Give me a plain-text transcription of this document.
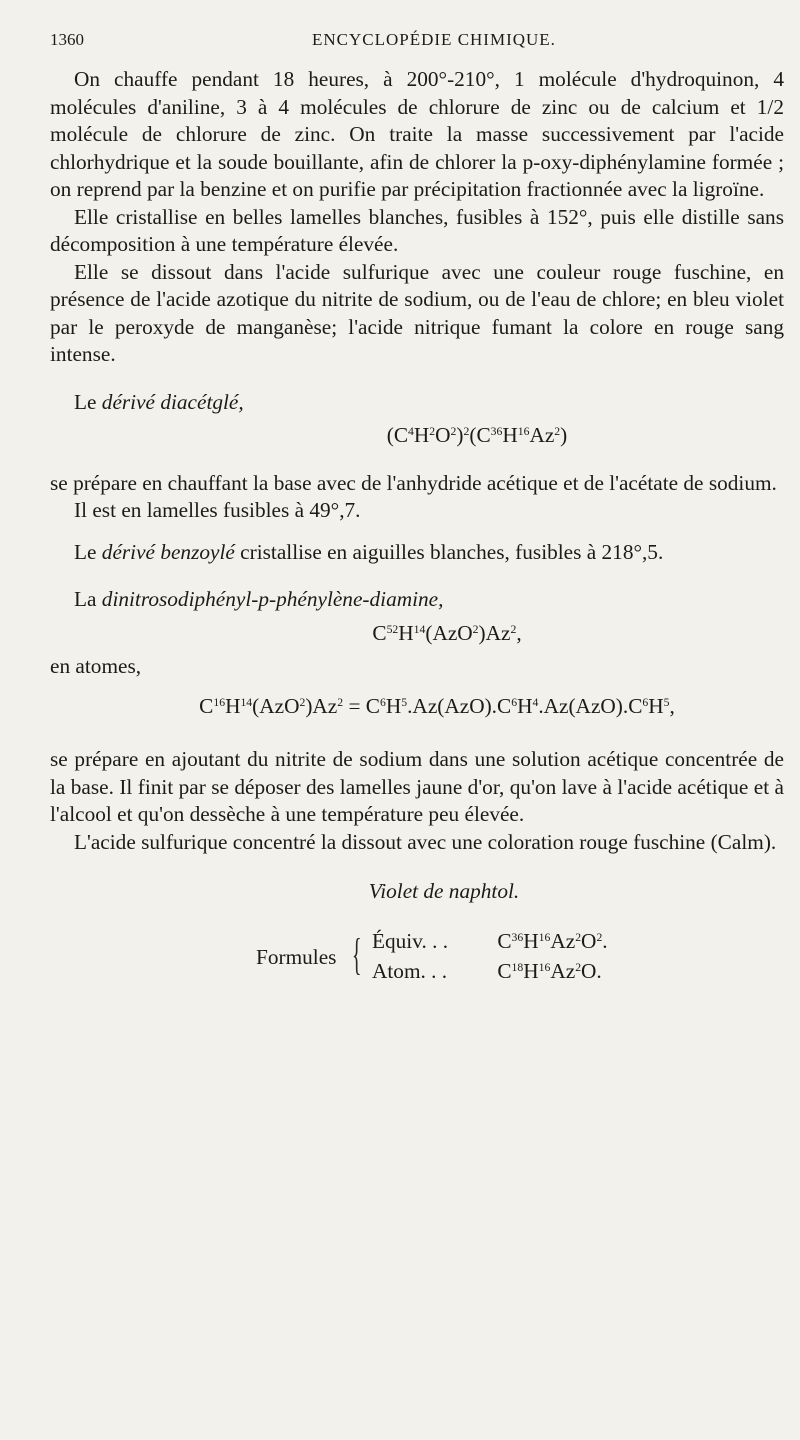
1360	ENCYCLOPÉDIE CHIMIQUE.

On chauffe pendant 18 heures, à 200°-210°, 1 molécule d'hydroquinon, 4 molécules d'aniline, 3 à 4 molécules de chlorure de zinc ou de calcium et 1/2 molécule de chlorure de zinc. On traite la masse successivement par l'acide chlorhydrique et la soude bouillante, afin de chlorer la p-oxy-diphénylamine formée ; on reprend par la benzine et on purifie par précipitation fractionnée avec la ligroïne.

Elle cristallise en belles lamelles blanches, fusibles à 152°, puis elle distille sans décomposition à une température élevée.

Elle se dissout dans l'acide sulfurique avec une couleur rouge fuschine, en présence de l'acide azotique du nitrite de sodium, ou de l'eau de chlore; en bleu violet par le peroxyde de manganèse; l'acide nitrique fumant la colore en rouge sang intense.

Le dérivé diacétglé,

$(C^4H^2O^2)^2(C^{36}H^{16}Az^2)$

se prépare en chauffant la base avec de l'anhydride acétique et de l'acétate de sodium.

Il est en lamelles fusibles à 49°,7.

Le dérivé benzoylé cristallise en aiguilles blanches, fusibles à 218°,5.

La dinitrosodiphényl-p-phénylène-diamine,

$C^{52}H^{14}(AzO^2)Az^2$,

en atomes,

$C^{16}H^{14}(AzO^2)Az^2 = C^6H^5.Az(AzO).C^6H^4.Az(AzO).C^6H^5$,

se prépare en ajoutant du nitrite de sodium dans une solution acétique concentrée de la base. Il finit par se déposer des lamelles jaune d'or, qu'on lave à l'acide acétique et à l'alcool et qu'on dessèche à une température peu élevée.

L'acide sulfurique concentré la dissout avec une coloration rouge fuschine (Calm).

Violet de naphtol.
Formules { Équiv. . . $C^{36}H^{16}Az^2O^2$.
Atom. . . $C^{18}H^{16}Az^2O$.
